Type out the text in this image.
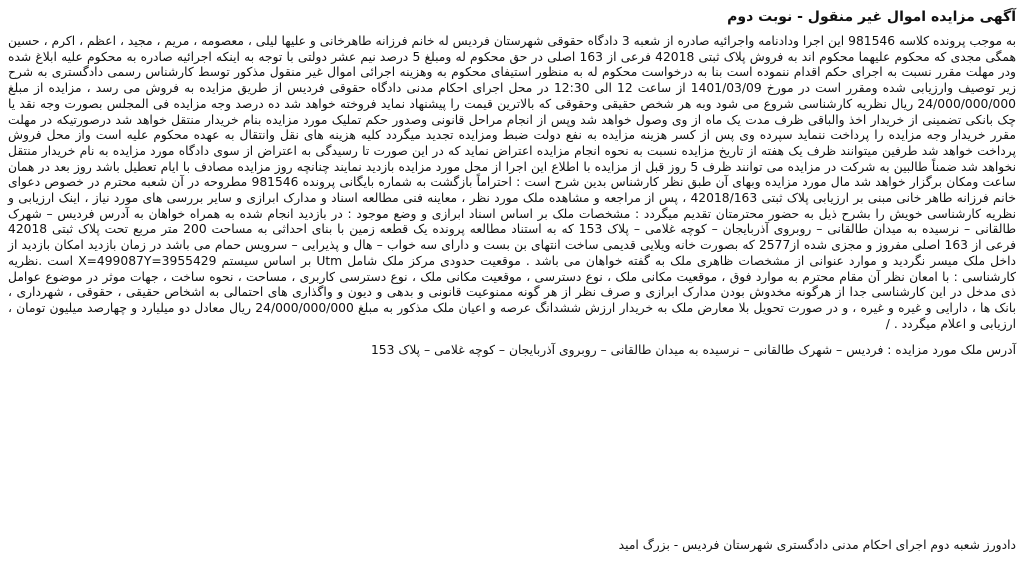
آگهی مزایده اموال غیر منقول - نوبت دوم

به موجب پرونده کلاسه 981546 این اجرا ودادنامه واجرائیه صادره از شعبه 3 دادگاه حقوقی شهرستان فردیس له خانم فرزانه طاهرخانی و علیها لیلی ، معصومه ، مریم ، مجید ، اعظم ، اکرم ، حسین همگی مجدی که محکوم علیهما محکوم اند به فروش پلاک ثبتی 42018 فرعی از 163 اصلی در حق محکوم له ومبلغ 5 درصد نیم عشر دولتی با توجه به اینکه اجرائیه صادره به محکوم علیه ابلاغ شده ودر مهلت مقرر نسبت به اجرای حکم اقدام ننموده است بنا به درخواست محکوم له به منظور استیفای محکوم به وهزینه اجرائی اموال غیر منقول مذکور توسط کارشناس رسمی دادگستری به شرح زیر توصیف وارزیابی شده ومقرر است در مورخ 1401/03/09 از ساعت 12 الی 12:30 در محل اجرای احکام مدنی دادگاه حقوقی فردیس از طریق مزایده به فروش می رسد ، مزایده از مبلغ 24/000/000/000 ریال نظریه کارشناسی شروع می شود وبه هر شخص حقیقی وحقوقی که بالاترین قیمت را پیشنهاد نماید فروخته خواهد شد ده درصد وجه مزایده فی المجلس بصورت وجه نقد یا چک بانکی تضمینی از خریدار اخذ والباقی ظرف مدت یک ماه از وی وصول خواهد شد وپس از انجام مراحل قانونی وصدور حکم تملیک مورد مزایده بنام خریدار منتقل خواهد شد درصورتیکه در مهلت مقرر خریدار وجه مزایده را پرداخت ننماید سپرده وی پس از کسر هزینه مزایده به نفع دولت ضبط ومزایده تجدید میگردد کلیه هزینه های نقل وانتقال به عهده محکوم علیه است واز محل فروش پرداخت خواهد شد طرفین میتوانند ظرف یک هفته از تاریخ مزایده نسبت به نحوه انجام مزایده اعتراض نماید که در این صورت تا رسیدگی به اعتراض از سوی دادگاه مورد مزایده به نام خریدار منتقل نخواهد شد ضمناً طالبین به شرکت در مزایده می توانند ظرف 5 روز قبل از مزایده با اطلاع این اجرا از محل مورد مزایده بازدید نمایند چنانچه روز مزایده مصادف با ایام تعطیل باشد روز بعد در همان ساعت ومکان برگزار خواهد شد مال مورد مزایده وبهای آن طبق نظر کارشناس بدین شرح است : احتراماً بازگشت به شماره بایگانی پرونده 981546 مطروحه در آن شعبه محترم در خصوص دعوای خانم فرزانه طاهر خانی مبنی بر ارزیابی پلاک ثبتی 42018/163 ، پس از مراجعه و مشاهده ملک مورد نظر ، معاینه فنی مطالعه اسناد و مدارک ابرازی و سایر بررسی های مورد نیاز ، اینک ارزیابی و نظریه کارشناسی خویش را بشرح ذیل به حضور محترمتان تقدیم میگردد : مشخصات ملک بر اساس اسناد ابرازی و وضع موجود : در بازدید انجام شده به همراه خواهان به آدرس فردیس – شهرک طالقانی – نرسیده به میدان طالقانی – روبروی آذربایجان – کوچه غلامی – پلاک 153 که به استناد مطالعه پرونده یک قطعه زمین با بنای احداثی به مساحت 200 متر مربع تحت پلاک ثبتی 42018 فرعی از 163 اصلی مفروز و مجزی شده از2577 که بصورت خانه ویلایی قدیمی ساخت انتهای بن بست و دارای سه خواب – هال و پذیرایی – سرویس حمام می باشد در زمان بازدید امکان بازدید از داخل ملک میسر نگردید و موارد عنوانی از مشخصات ظاهری ملک به گفته خواهان می باشد . موقعیت حدودی مرکز ملک شامل Utm بر اساس سیستم X=499087Y=3955429 است .نظریه کارشناسی : با امعان نظر آن مقام محترم به موارد فوق ، موقعیت مکانی ملک ، نوع دسترسی ، موقعیت مکانی ملک ، نوع دسترسی کاربری ، مساحت ، نحوه ساخت ، جهات موثر در موضوع عوامل ذی مدخل در این کارشناسی جدا از هرگونه مخدوش بودن مدارک ابرازی و صرف نظر از هر گونه ممنوعیت قانونی و بدهی و دیون و واگذاری های احتمالی به اشخاص حقیقی ، حقوقی ، شهرداری ، بانک ها ، دارایی و غیره و غیره ، و در صورت تحویل بلا معارض ملک به خریدار ارزش ششدانگ عرصه و اعیان ملک مذکور به مبلغ 24/000/000/000 ریال معادل دو میلیارد و چهارصد میلیون تومان ، ارزیابی و اعلام میگردد . /

آدرس ملک مورد مزایده : فردیس – شهرک طالقانی – نرسیده به میدان طالقانی – روبروی آذربایجان – کوچه غلامی – پلاک 153

دادورز شعبه دوم اجرای احکام مدنی دادگستری شهرستان فردیس - بزرگ امید
